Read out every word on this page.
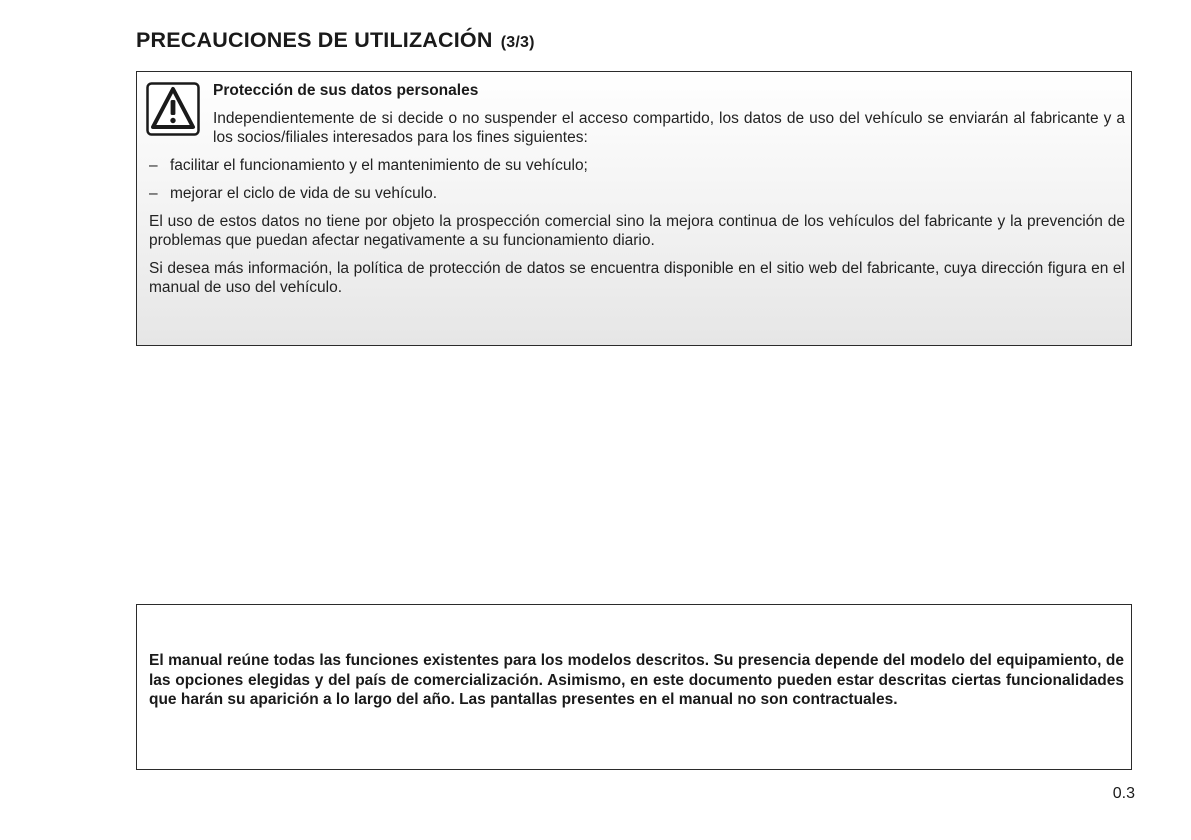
PRECAUCIONES DE UTILIZACIÓN (3/3)
Protección de sus datos personales
Independientemente de si decide o no suspender el acceso compartido, los datos de uso del vehículo se enviarán al fabricante y a los socios/filiales interesados para los fines siguientes:

– facilitar el funcionamiento y el mantenimiento de su vehículo;

– mejorar el ciclo de vida de su vehículo.

El uso de estos datos no tiene por objeto la prospección comercial sino la mejora continua de los vehículos del fabricante y la prevención de problemas que puedan afectar negativamente a su funcionamiento diario.

Si desea más información, la política de protección de datos se encuentra disponible en el sitio web del fabricante, cuya dirección figura en el manual de uso del vehículo.

El manual reúne todas las funciones existentes para los modelos descritos. Su presencia depende del modelo del equipamiento, de las opciones elegidas y del país de comercialización. Asimismo, en este documento pueden estar descritas ciertas funcionalidades que harán su aparición a lo largo del año. Las pantallas presentes en el manual no son contractuales.
0.3
